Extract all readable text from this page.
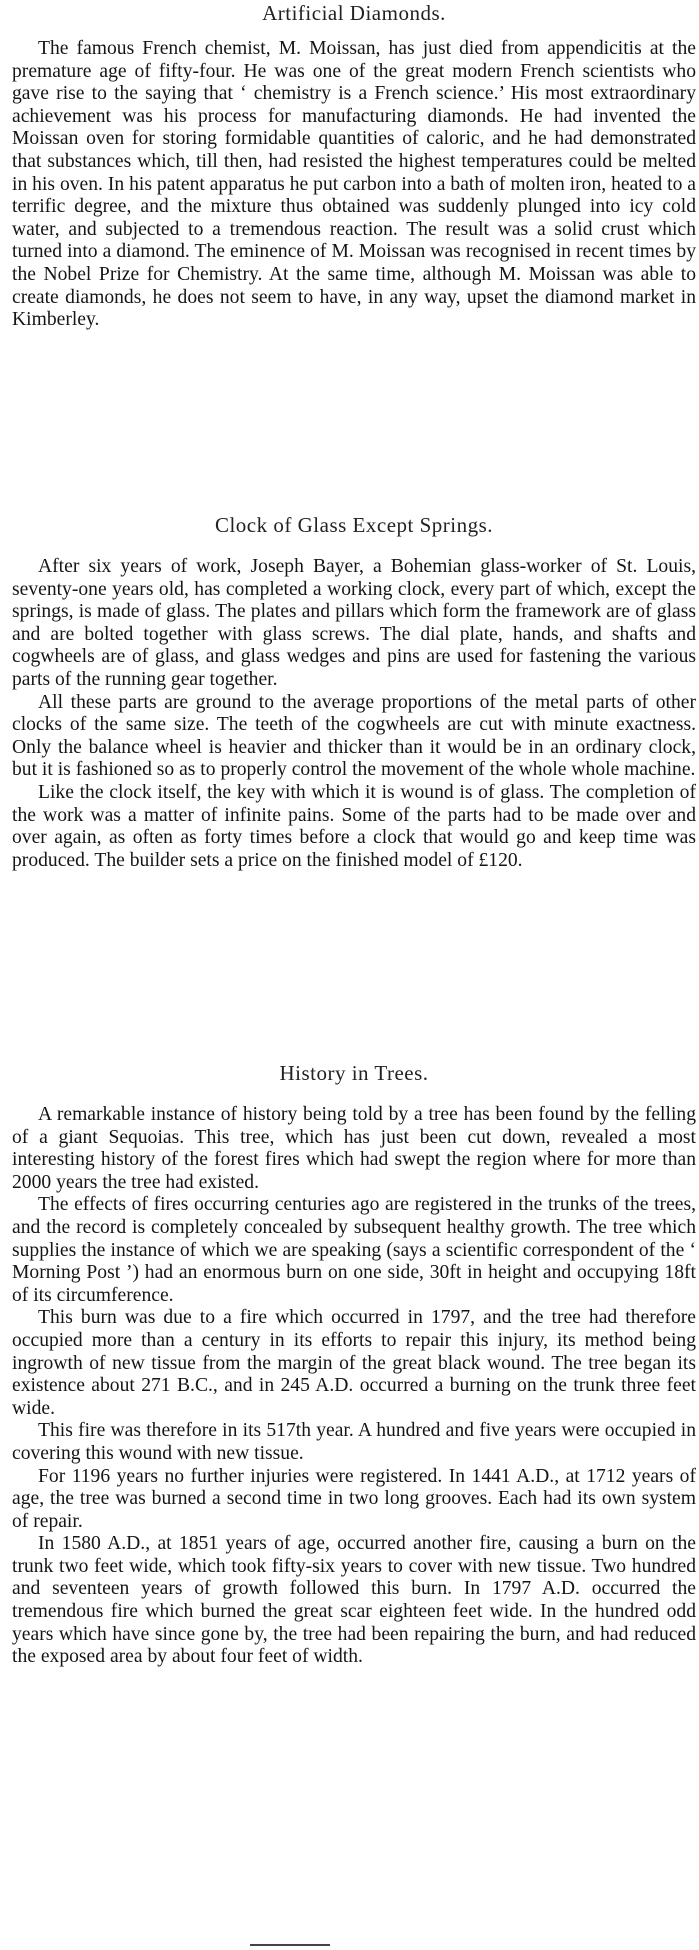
Artificial Diamonds.

The famous French chemist, M. Moissan, has just died from appendicitis at the premature age of fifty-four. He was one of the great modern French scientists who gave rise to the saying that ‘ chemistry is a French science.’ His most extraordinary achievement was his process for manufacturing diamonds. He had invented the Moissan oven for storing formidable quantities of caloric, and he had demonstrated that substances which, till then, had resisted the highest temperatures could be melted in his oven. In his patent apparatus he put carbon into a bath of molten iron, heated to a terrific degree, and the mixture thus obtained was suddenly plunged into icy cold water, and subjected to a tremendous reaction. The result was a solid crust which turned into a diamond. The eminence of M. Moissan was recognised in recent times by the Nobel Prize for Chemistry. At the same time, although M. Moissan was able to create diamonds, he does not seem to have, in any way, upset the diamond market in Kimberley.

Clock of Glass Except Springs.

After six years of work, Joseph Bayer, a Bohemian glass-worker of St. Louis, seventy-one years old, has completed a working clock, every part of which, except the springs, is made of glass. The plates and pillars which form the framework are of glass and are bolted together with glass screws. The dial plate, hands, and shafts and cogwheels are of glass, and glass wedges and pins are used for fastening the various parts of the running gear together.

All these parts are ground to the average proportions of the metal parts of other clocks of the same size. The teeth of the cogwheels are cut with minute exactness. Only the balance wheel is heavier and thicker than it would be in an ordinary clock, but it is fashioned so as to properly control the movement of the whole whole machine.

Like the clock itself, the key with which it is wound is of glass. The completion of the work was a matter of infinite pains. Some of the parts had to be made over and over again, as often as forty times before a clock that would go and keep time was produced. The builder sets a price on the finished model of £120.

History in Trees.

A remarkable instance of history being told by a tree has been found by the felling of a giant Sequoias. This tree, which has just been cut down, revealed a most interesting history of the forest fires which had swept the region where for more than 2000 years the tree had existed.

The effects of fires occurring centuries ago are registered in the trunks of the trees, and the record is completely concealed by subsequent healthy growth. The tree which supplies the instance of which we are speaking (says a scientific correspondent of the ‘ Morning Post ’) had an enormous burn on one side, 30ft in height and occupying 18ft of its circumference.

This burn was due to a fire which occurred in 1797, and the tree had therefore occupied more than a century in its efforts to repair this injury, its method being ingrowth of new tissue from the margin of the great black wound. The tree began its existence about 271 B.C., and in 245 A.D. occurred a burning on the trunk three feet wide.

This fire was therefore in its 517th year. A hundred and five years were occupied in covering this wound with new tissue.

For 1196 years no further injuries were registered. In 1441 A.D., at 1712 years of age, the tree was burned a second time in two long grooves. Each had its own system of repair.

In 1580 A.D., at 1851 years of age, occurred another fire, causing a burn on the trunk two feet wide, which took fifty-six years to cover with new tissue. Two hundred and seventeen years of growth followed this burn. In 1797 A.D. occurred the tremendous fire which burned the great scar eighteen feet wide. In the hundred odd years which have since gone by, the tree had been repairing the burn, and had reduced the exposed area by about four feet of width.
